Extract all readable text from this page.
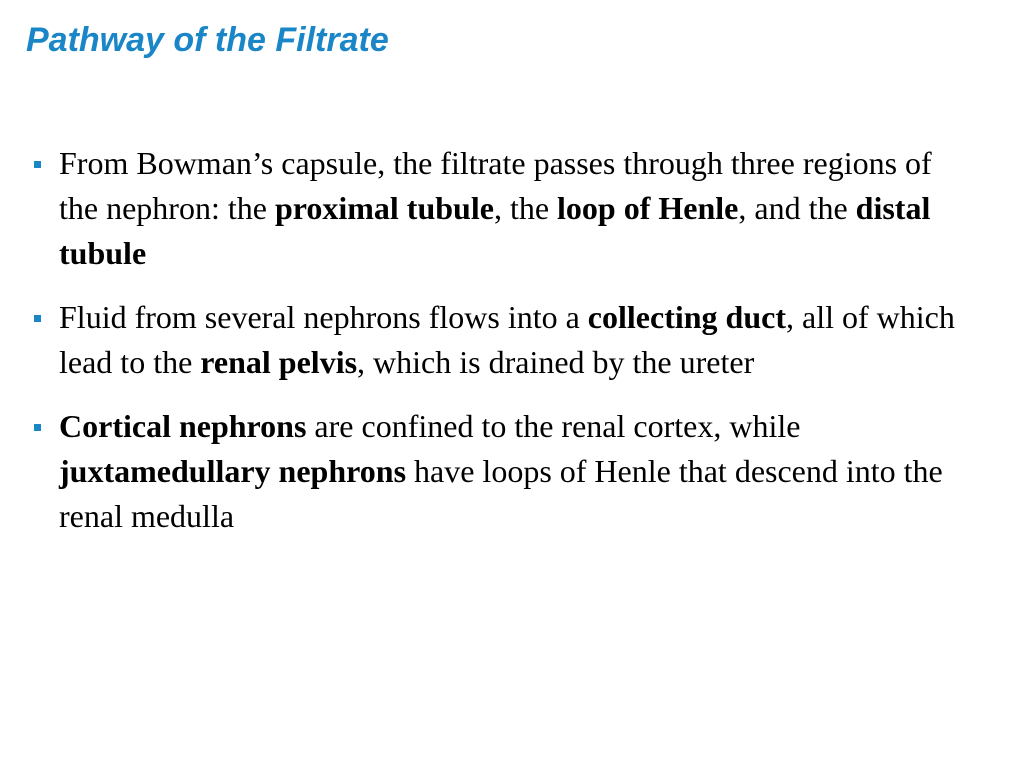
Pathway of the Filtrate
From Bowman’s capsule, the filtrate passes through three regions of the nephron: the proximal tubule, the loop of Henle, and the distal tubule
Fluid from several nephrons flows into a collecting duct, all of which lead to the renal pelvis, which is drained by the ureter
Cortical nephrons are confined to the renal cortex, while juxtamedullary nephrons have loops of Henle that descend into the renal medulla
